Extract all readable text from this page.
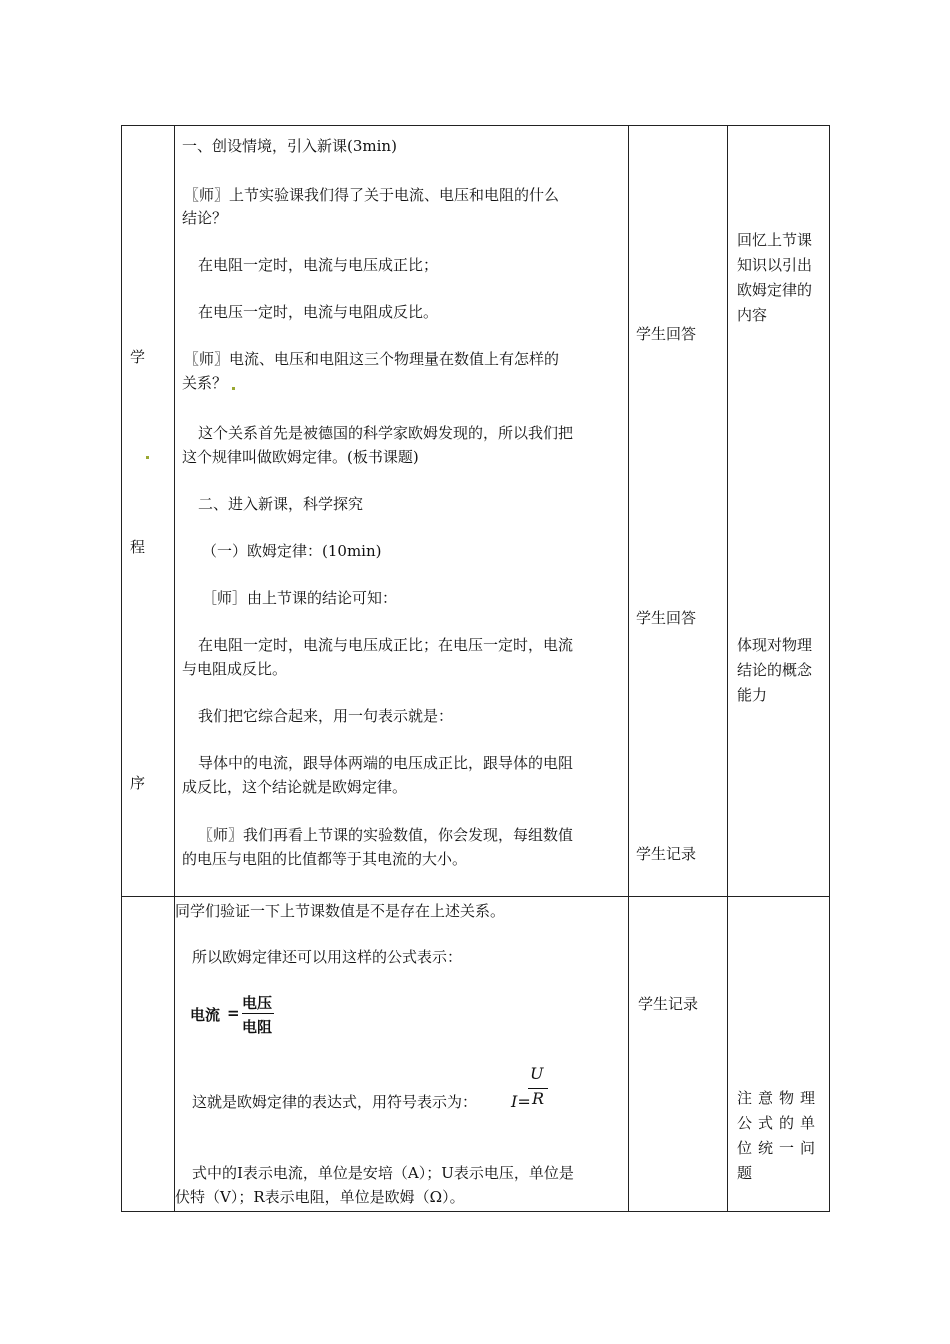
学
程
序
一、创设情境，引入新课(3min)
〖师〗上节实验课我们得了关于电流、电压和电阻的什么
结论？
在电阻一定时，电流与电压成正比；
在电压一定时，电流与电阻成反比。
〖师〗电流、电压和电阻这三个物理量在数值上有怎样的
关系？
这个关系首先是被德国的科学家欧姆发现的，所以我们把
这个规律叫做欧姆定律。(板书课题)
二、进入新课，科学探究
（一）欧姆定律：(10min)
［师］由上节课的结论可知：
在电阻一定时，电流与电压成正比；在电压一定时，电流
与电阻成反比。
我们把它综合起来，用一句表示就是：
导体中的电流，跟导体两端的电压成正比，跟导体的电阻
成反比，这个结论就是欧姆定律。
〖师〗我们再看上节课的实验数值，你会发现，每组数值
的电压与电阻的比值都等于其电流的大小。
学生回答
学生回答
学生记录
回忆上节课知识以引出欧姆定律的内容
体现对物理结论的概念能力
同学们验证一下上节课数值是不是存在上述关系。
所以欧姆定律还可以用这样的公式表示：
电流 =
电压
电阻
这就是欧姆定律的表达式，用符号表示为： I=
U
R
式中的I表示电流，单位是安培（A）；U表示电压，单位是
伏特（V）；R表示电阻，单位是欧姆（Ω）。
学生记录
注意物理公式的单位统一问题
